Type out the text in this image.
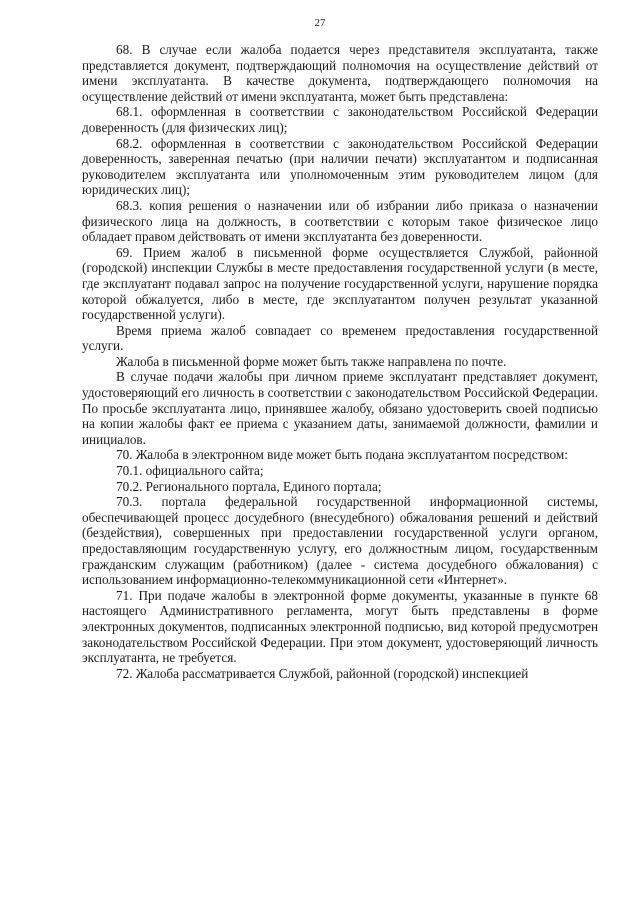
27

68. В случае если жалоба подается через представителя эксплуатанта, также представляется документ, подтверждающий полномочия на осуществление действий от имени эксплуатанта. В качестве документа, подтверждающего полномочия на осуществление действий от имени эксплуатанта, может быть представлена:

68.1. оформленная в соответствии с законодательством Российской Федерации доверенность (для физических лиц);

68.2. оформленная в соответствии с законодательством Российской Федерации доверенность, заверенная печатью (при наличии печати) эксплуатантом и подписанная руководителем эксплуатанта или уполномоченным этим руководителем лицом (для юридических лиц);

68.3. копия решения о назначении или об избрании либо приказа о назначении физического лица на должность, в соответствии с которым такое физическое лицо обладает правом действовать от имени эксплуатанта без доверенности.

69. Прием жалоб в письменной форме осуществляется Службой, районной (городской) инспекции Службы в месте предоставления государственной услуги (в месте, где эксплуатант подавал запрос на получение государственной услуги, нарушение порядка которой обжалуется, либо в месте, где эксплуатантом получен результат указанной государственной услуги).

Время приема жалоб совпадает со временем предоставления государственной услуги.

Жалоба в письменной форме может быть также направлена по почте.

В случае подачи жалобы при личном приеме эксплуатант представляет документ, удостоверяющий его личность в соответствии с законодательством Российской Федерации. По просьбе эксплуатанта лицо, принявшее жалобу, обязано удостоверить своей подписью на копии жалобы факт ее приема с указанием даты, занимаемой должности, фамилии и инициалов.

70. Жалоба в электронном виде может быть подана эксплуатантом посредством:

70.1. официального сайта;

70.2. Регионального портала, Единого портала;

70.3. портала федеральной государственной информационной системы, обеспечивающей процесс досудебного (внесудебного) обжалования решений и действий (бездействия), совершенных при предоставлении государственной услуги органом, предоставляющим государственную услугу, его должностным лицом, государственным гражданским служащим (работником) (далее - система досудебного обжалования) с использованием информационно-телекоммуникационной сети «Интернет».

71. При подаче жалобы в электронной форме документы, указанные в пункте 68 настоящего Административного регламента, могут быть представлены в форме электронных документов, подписанных электронной подписью, вид которой предусмотрен законодательством Российской Федерации. При этом документ, удостоверяющий личность эксплуатанта, не требуется.

72. Жалоба рассматривается Службой, районной (городской) инспекцией
